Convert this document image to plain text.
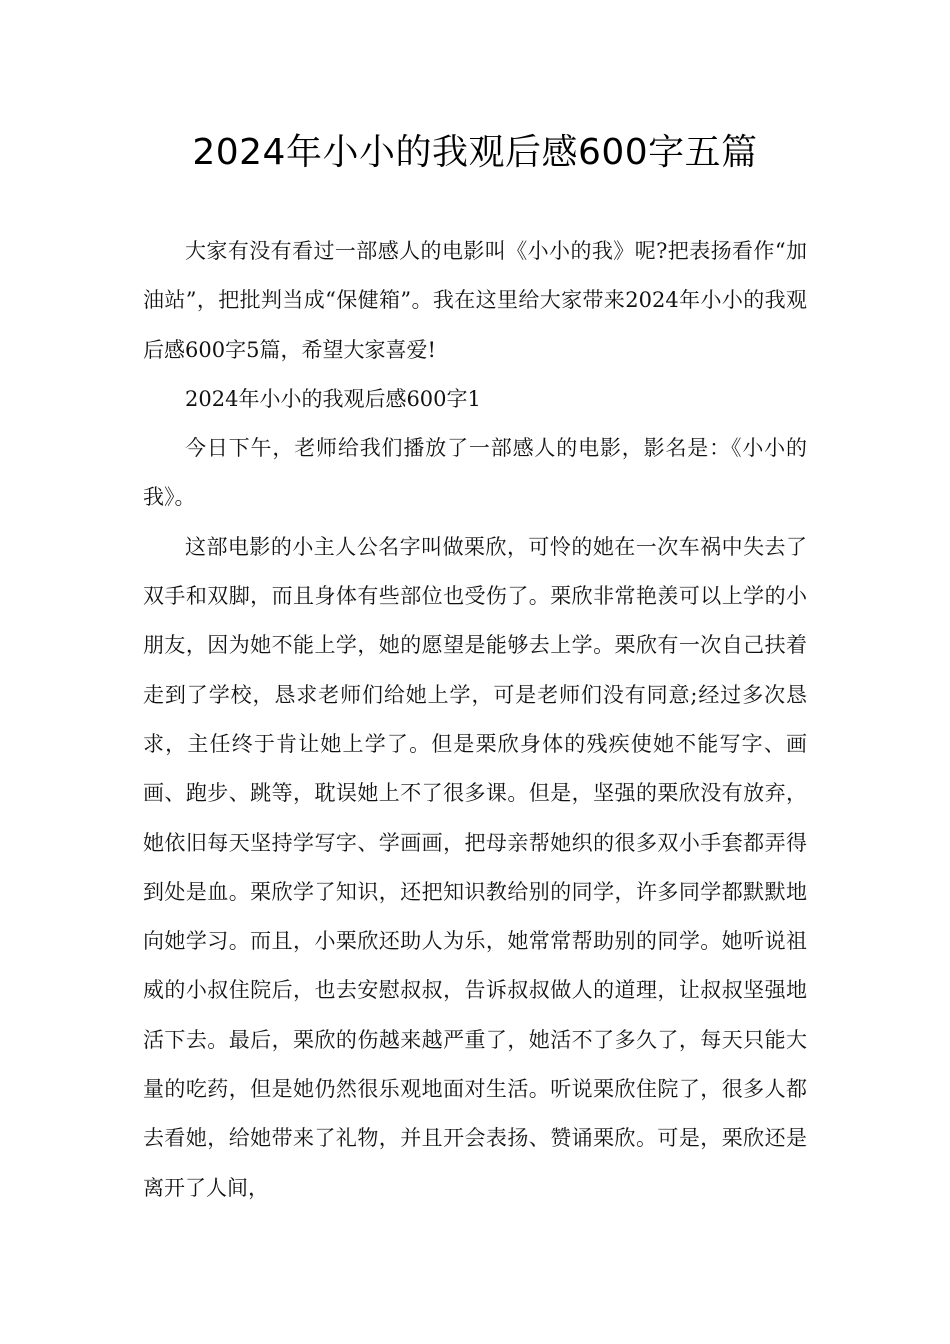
2024年小小的我观后感600字五篇

大家有没有看过一部感人的电影叫《小小的我》呢?把表扬看作“加油站”，把批判当成“保健箱”。我在这里给大家带来2024年小小的我观后感600字5篇，希望大家喜爱!

2024年小小的我观后感600字1

今日下午，老师给我们播放了一部感人的电影，影名是：《小小的我》。

这部电影的小主人公名字叫做栗欣，可怜的她在一次车祸中失去了双手和双脚，而且身体有些部位也受伤了。栗欣非常艳羡可以上学的小朋友，因为她不能上学，她的愿望是能够去上学。栗欣有一次自己扶着走到了学校，恳求老师们给她上学，可是老师们没有同意;经过多次恳求，主任终于肯让她上学了。但是栗欣身体的残疾使她不能写字、画画、跑步、跳等，耽误她上不了很多课。但是，坚强的栗欣没有放弃，她依旧每天坚持学写字、学画画，把母亲帮她织的很多双小手套都弄得到处是血。栗欣学了知识，还把知识教给别的同学，许多同学都默默地向她学习。而且，小栗欣还助人为乐，她常常帮助别的同学。她听说祖威的小叔住院后，也去安慰叔叔，告诉叔叔做人的道理，让叔叔坚强地活下去。最后，栗欣的伤越来越严重了，她活不了多久了，每天只能大量的吃药，但是她仍然很乐观地面对生活。听说栗欣住院了，很多人都去看她，给她带来了礼物，并且开会表扬、赞诵栗欣。可是，栗欣还是离开了人间，
